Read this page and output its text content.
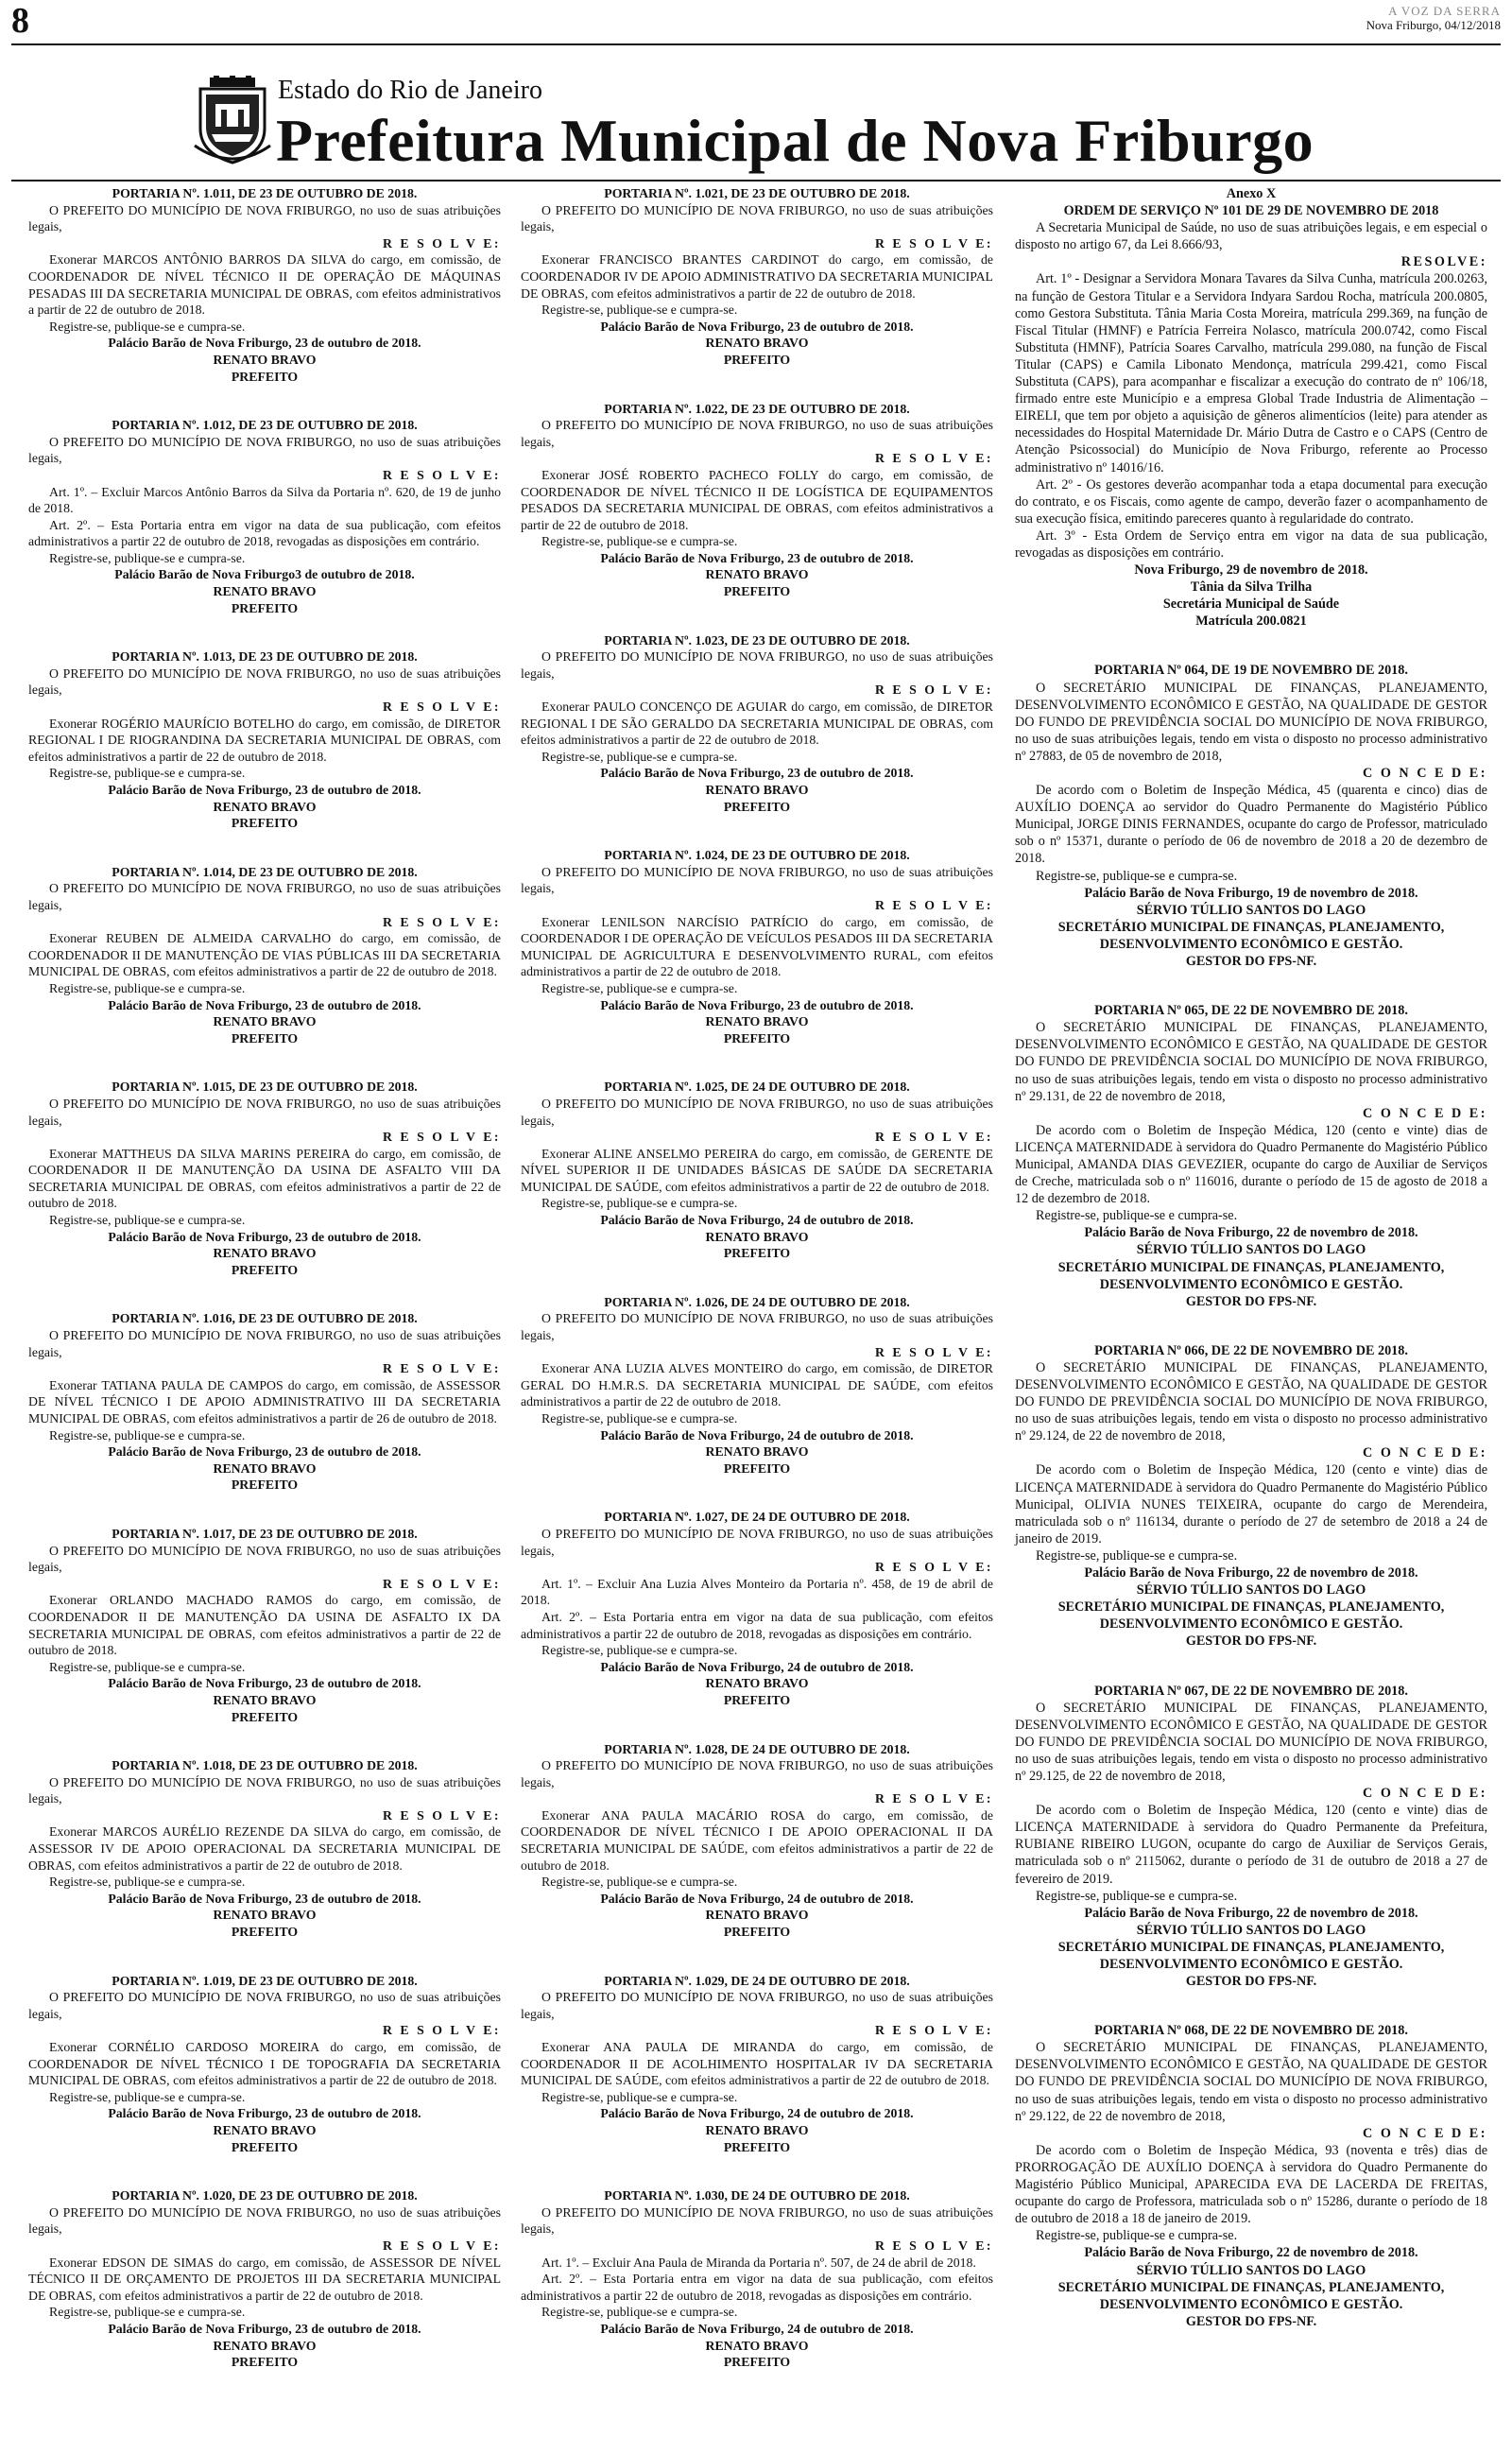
8	A VOZ DA SERRA
Nova Friburgo, 04/12/2018
Estado do Rio de Janeiro
Prefeitura Municipal de Nova Friburgo
PORTARIA Nº. 1.011, DE 23 DE OUTUBRO DE 2018.
O PREFEITO DO MUNICÍPIO DE NOVA FRIBURGO, no uso de suas atribuições legais,
R E S O L V E:
Exonerar MARCOS ANTÔNIO BARROS DA SILVA do cargo, em comissão, de COORDENADOR DE NÍVEL TÉCNICO II DE OPERAÇÃO DE MÁQUINAS PESADAS III DA SECRETARIA MUNICIPAL DE OBRAS, com efeitos administrativos a partir de 22 de outubro de 2018.
Registre-se, publique-se e cumpra-se.
Palácio Barão de Nova Friburgo, 23 de outubro de 2018.
RENATO BRAVO
PREFEITO
PORTARIA Nº. 1.012, DE 23 DE OUTUBRO DE 2018.
O PREFEITO DO MUNICÍPIO DE NOVA FRIBURGO, no uso de suas atribuições legais,
R E S O L V E:
Art. 1º. – Excluir Marcos Antônio Barros da Silva da Portaria nº. 620, de 19 de junho de 2018.
Art. 2º. – Esta Portaria entra em vigor na data de sua publicação, com efeitos administrativos a partir 22 de outubro de 2018, revogadas as disposições em contrário.
Registre-se, publique-se e cumpra-se.
Palácio Barão de Nova Friburgo3 de outubro de 2018.
RENATO BRAVO
PREFEITO
PORTARIA Nº. 1.013, DE 23 DE OUTUBRO DE 2018.
O PREFEITO DO MUNICÍPIO DE NOVA FRIBURGO, no uso de suas atribuições legais,
R E S O L V E:
Exonerar ROGÉRIO MAURÍCIO BOTELHO do cargo, em comissão, de DIRETOR REGIONAL I DE RIOGRANDINA DA SECRETARIA MUNICIPAL DE OBRAS, com efeitos administrativos a partir de 22 de outubro de 2018.
Registre-se, publique-se e cumpra-se.
Palácio Barão de Nova Friburgo, 23 de outubro de 2018.
RENATO BRAVO
PREFEITO
PORTARIA Nº. 1.014, DE 23 DE OUTUBRO DE 2018.
O PREFEITO DO MUNICÍPIO DE NOVA FRIBURGO, no uso de suas atribuições legais,
R E S O L V E:
Exonerar REUBEN DE ALMEIDA CARVALHO do cargo, em comissão, de COORDENADOR II DE MANUTENÇÃO DE VIAS PÚBLICAS III DA SECRETARIA MUNICIPAL DE OBRAS, com efeitos administrativos a partir de 22 de outubro de 2018.
Registre-se, publique-se e cumpra-se.
Palácio Barão de Nova Friburgo, 23 de outubro de 2018.
RENATO BRAVO
PREFEITO
PORTARIA Nº. 1.015, DE 23 DE OUTUBRO DE 2018.
O PREFEITO DO MUNICÍPIO DE NOVA FRIBURGO, no uso de suas atribuições legais,
R E S O L V E:
Exonerar MATTHEUS DA SILVA MARINS PEREIRA do cargo, em comissão, de COORDENADOR II DE MANUTENÇÃO DA USINA DE ASFALTO VIII DA SECRETARIA MUNICIPAL DE OBRAS, com efeitos administrativos a partir de 22 de outubro de 2018.
Registre-se, publique-se e cumpra-se.
Palácio Barão de Nova Friburgo, 23 de outubro de 2018.
RENATO BRAVO
PREFEITO
PORTARIA Nº. 1.016, DE 23 DE OUTUBRO DE 2018.
O PREFEITO DO MUNICÍPIO DE NOVA FRIBURGO, no uso de suas atribuições legais,
R E S O L V E:
Exonerar TATIANA PAULA DE CAMPOS do cargo, em comissão, de ASSESSOR DE NÍVEL TÉCNICO I DE APOIO ADMINISTRATIVO III DA SECRETARIA MUNICIPAL DE OBRAS, com efeitos administrativos a partir de 26 de outubro de 2018.
Registre-se, publique-se e cumpra-se.
Palácio Barão de Nova Friburgo, 23 de outubro de 2018.
RENATO BRAVO
PREFEITO
PORTARIA Nº. 1.017, DE 23 DE OUTUBRO DE 2018.
O PREFEITO DO MUNICÍPIO DE NOVA FRIBURGO, no uso de suas atribuições legais,
R E S O L V E:
Exonerar ORLANDO MACHADO RAMOS do cargo, em comissão, de COORDENADOR II DE MANUTENÇÃO DA USINA DE ASFALTO IX DA SECRETARIA MUNICIPAL DE OBRAS, com efeitos administrativos a partir de 22 de outubro de 2018.
Registre-se, publique-se e cumpra-se.
Palácio Barão de Nova Friburgo, 23 de outubro de 2018.
RENATO BRAVO
PREFEITO
PORTARIA Nº. 1.018, DE 23 DE OUTUBRO DE 2018.
O PREFEITO DO MUNICÍPIO DE NOVA FRIBURGO, no uso de suas atribuições legais,
R E S O L V E:
Exonerar MARCOS AURÉLIO REZENDE DA SILVA do cargo, em comissão, de ASSESSOR IV DE APOIO OPERACIONAL DA SECRETARIA MUNICIPAL DE OBRAS, com efeitos administrativos a partir de 22 de outubro de 2018.
Registre-se, publique-se e cumpra-se.
Palácio Barão de Nova Friburgo, 23 de outubro de 2018.
RENATO BRAVO
PREFEITO
PORTARIA Nº. 1.019, DE 23 DE OUTUBRO DE 2018.
O PREFEITO DO MUNICÍPIO DE NOVA FRIBURGO, no uso de suas atribuições legais,
R E S O L V E:
Exonerar CORNÉLIO CARDOSO MOREIRA do cargo, em comissão, de COORDENADOR DE NÍVEL TÉCNICO I DE TOPOGRAFIA DA SECRETARIA MUNICIPAL DE OBRAS, com efeitos administrativos a partir de 22 de outubro de 2018.
Registre-se, publique-se e cumpra-se.
Palácio Barão de Nova Friburgo, 23 de outubro de 2018.
RENATO BRAVO
PREFEITO
PORTARIA Nº. 1.020, DE 23 DE OUTUBRO DE 2018.
O PREFEITO DO MUNICÍPIO DE NOVA FRIBURGO, no uso de suas atribuições legais,
R E S O L V E:
Exonerar EDSON DE SIMAS do cargo, em comissão, de ASSESSOR DE NÍVEL TÉCNICO II DE ORÇAMENTO DE PROJETOS III DA SECRETARIA MUNICIPAL DE OBRAS, com efeitos administrativos a partir de 22 de outubro de 2018.
Registre-se, publique-se e cumpra-se.
Palácio Barão de Nova Friburgo, 23 de outubro de 2018.
RENATO BRAVO
PREFEITO
PORTARIA Nº. 1.021, DE 23 DE OUTUBRO DE 2018.
O PREFEITO DO MUNICÍPIO DE NOVA FRIBURGO, no uso de suas atribuições legais,
R E S O L V E:
Exonerar FRANCISCO BRANTES CARDINOT do cargo, em comissão, de COORDENADOR IV DE APOIO ADMINISTRATIVO DA SECRETARIA MUNICIPAL DE OBRAS, com efeitos administrativos a partir de 22 de outubro de 2018.
Registre-se, publique-se e cumpra-se.
Palácio Barão de Nova Friburgo, 23 de outubro de 2018.
RENATO BRAVO
PREFEITO
PORTARIA Nº. 1.022, DE 23 DE OUTUBRO DE 2018.
O PREFEITO DO MUNICÍPIO DE NOVA FRIBURGO, no uso de suas atribuições legais,
R E S O L V E:
Exonerar JOSÉ ROBERTO PACHECO FOLLY do cargo, em comissão, de COORDENADOR DE NÍVEL TÉCNICO II DE LOGÍSTICA DE EQUIPAMENTOS PESADOS DA SECRETARIA MUNICIPAL DE OBRAS, com efeitos administrativos a partir de 22 de outubro de 2018.
Registre-se, publique-se e cumpra-se.
Palácio Barão de Nova Friburgo, 23 de outubro de 2018.
RENATO BRAVO
PREFEITO
PORTARIA Nº. 1.023, DE 23 DE OUTUBRO DE 2018.
O PREFEITO DO MUNICÍPIO DE NOVA FRIBURGO, no uso de suas atribuições legais,
R E S O L V E:
Exonerar PAULO CONCENÇO DE AGUIAR do cargo, em comissão, de DIRETOR REGIONAL I DE SÃO GERALDO DA SECRETARIA MUNICIPAL DE OBRAS, com efeitos administrativos a partir de 22 de outubro de 2018.
Registre-se, publique-se e cumpra-se.
Palácio Barão de Nova Friburgo, 23 de outubro de 2018.
RENATO BRAVO
PREFEITO
PORTARIA Nº. 1.024, DE 23 DE OUTUBRO DE 2018.
O PREFEITO DO MUNICÍPIO DE NOVA FRIBURGO, no uso de suas atribuições legais,
R E S O L V E:
Exonerar LENILSON NARCÍSIO PATRÍCIO do cargo, em comissão, de COORDENADOR I DE OPERAÇÃO DE VEÍCULOS PESADOS III DA SECRETARIA MUNICIPAL DE AGRICULTURA E DESENVOLVIMENTO RURAL, com efeitos administrativos a partir de 22 de outubro de 2018.
Registre-se, publique-se e cumpra-se.
Palácio Barão de Nova Friburgo, 23 de outubro de 2018.
RENATO BRAVO
PREFEITO
PORTARIA Nº. 1.025, DE 24 DE OUTUBRO DE 2018.
O PREFEITO DO MUNICÍPIO DE NOVA FRIBURGO, no uso de suas atribuições legais,
R E S O L V E:
Exonerar ALINE ANSELMO PEREIRA do cargo, em comissão, de GERENTE DE NÍVEL SUPERIOR II DE UNIDADES BÁSICAS DE SAÚDE DA SECRETARIA MUNICIPAL DE SAÚDE, com efeitos administrativos a partir de 22 de outubro de 2018.
Registre-se, publique-se e cumpra-se.
Palácio Barão de Nova Friburgo, 24 de outubro de 2018.
RENATO BRAVO
PREFEITO
PORTARIA Nº. 1.026, DE 24 DE OUTUBRO DE 2018.
O PREFEITO DO MUNICÍPIO DE NOVA FRIBURGO, no uso de suas atribuições legais,
R E S O L V E:
Exonerar ANA LUZIA ALVES MONTEIRO do cargo, em comissão, de DIRETOR GERAL DO H.M.R.S. DA SECRETARIA MUNICIPAL DE SAÚDE, com efeitos administrativos a partir de 22 de outubro de 2018.
Registre-se, publique-se e cumpra-se.
Palácio Barão de Nova Friburgo, 24 de outubro de 2018.
RENATO BRAVO
PREFEITO
PORTARIA Nº. 1.027, DE 24 DE OUTUBRO DE 2018.
O PREFEITO DO MUNICÍPIO DE NOVA FRIBURGO, no uso de suas atribuições legais,
R E S O L V E:
Art. 1º. – Excluir Ana Luzia Alves Monteiro da Portaria nº. 458, de 19 de abril de 2018.
Art. 2º. – Esta Portaria entra em vigor na data de sua publicação, com efeitos administrativos a partir 22 de outubro de 2018, revogadas as disposições em contrário.
Registre-se, publique-se e cumpra-se.
Palácio Barão de Nova Friburgo, 24 de outubro de 2018.
RENATO BRAVO
PREFEITO
PORTARIA Nº. 1.028, DE 24 DE OUTUBRO DE 2018.
O PREFEITO DO MUNICÍPIO DE NOVA FRIBURGO, no uso de suas atribuições legais,
R E S O L V E:
Exonerar ANA PAULA MACÁRIO ROSA do cargo, em comissão, de COORDENADOR DE NÍVEL TÉCNICO I DE APOIO OPERACIONAL II DA SECRETARIA MUNICIPAL DE SAÚDE, com efeitos administrativos a partir de 22 de outubro de 2018.
Registre-se, publique-se e cumpra-se.
Palácio Barão de Nova Friburgo, 24 de outubro de 2018.
RENATO BRAVO
PREFEITO
PORTARIA Nº. 1.029, DE 24 DE OUTUBRO DE 2018.
O PREFEITO DO MUNICÍPIO DE NOVA FRIBURGO, no uso de suas atribuições legais,
R E S O L V E:
Exonerar ANA PAULA DE MIRANDA do cargo, em comissão, de COORDENADOR II DE ACOLHIMENTO HOSPITALAR IV DA SECRETARIA MUNICIPAL DE SAÚDE, com efeitos administrativos a partir de 22 de outubro de 2018.
Registre-se, publique-se e cumpra-se.
Palácio Barão de Nova Friburgo, 24 de outubro de 2018.
RENATO BRAVO
PREFEITO
PORTARIA Nº. 1.030, DE 24 DE OUTUBRO DE 2018.
O PREFEITO DO MUNICÍPIO DE NOVA FRIBURGO, no uso de suas atribuições legais,
R E S O L V E:
Art. 1º. – Excluir Ana Paula de Miranda da Portaria nº. 507, de 24 de abril de 2018.
Art. 2º. – Esta Portaria entra em vigor na data de sua publicação, com efeitos administrativos a partir 22 de outubro de 2018, revogadas as disposições em contrário.
Registre-se, publique-se e cumpra-se.
Palácio Barão de Nova Friburgo, 24 de outubro de 2018.
RENATO BRAVO
PREFEITO
Anexo X
ORDEM DE SERVIÇO Nº 101 DE 29 DE NOVEMBRO DE 2018
A Secretaria Municipal de Saúde, no uso de suas atribuições legais, e em especial o disposto no artigo 67, da Lei 8.666/93,
RESOLVE:
Art. 1º - Designar a Servidora Monara Tavares da Silva Cunha, matrícula 200.0263, na função de Gestora Titular e a Servidora Indyara Sardou Rocha, matrícula 200.0805, como Gestora Substituta. Tânia Maria Costa Moreira, matrícula 299.369, na função de Fiscal Titular (HMNF) e Patrícia Ferreira Nolasco, matrícula 200.0742, como Fiscal Substituta (HMNF), Patrícia Soares Carvalho, matrícula 299.080, na função de Fiscal Titular (CAPS) e Camila Libonato Mendonça, matrícula 299.421, como Fiscal Substituta (CAPS), para acompanhar e fiscalizar a execução do contrato de nº 106/18, firmado entre este Município e a empresa Global Trade Industria de Alimentação – EIRELI, que tem por objeto a aquisição de gêneros alimentícios (leite) para atender as necessidades do Hospital Maternidade Dr. Mário Dutra de Castro e o CAPS (Centro de Atenção Psicossocial) do Município de Nova Friburgo, referente ao Processo administrativo nº 14016/16.
Art. 2º - Os gestores deverão acompanhar toda a etapa documental para execução do contrato, e os Fiscais, como agente de campo, deverão fazer o acompanhamento de sua execução física, emitindo pareceres quanto à regularidade do contrato.
Art. 3º - Esta Ordem de Serviço entra em vigor na data de sua publicação, revogadas as disposições em contrário.
Nova Friburgo, 29 de novembro de 2018.
Tânia da Silva Trilha
Secretária Municipal de Saúde
Matrícula 200.0821
PORTARIA Nº 064, DE 19 DE NOVEMBRO DE 2018.
O SECRETÁRIO MUNICIPAL DE FINANÇAS, PLANEJAMENTO, DESENVOLVIMENTO ECONÔMICO E GESTÃO, NA QUALIDADE DE GESTOR DO FUNDO DE PREVIDÊNCIA SOCIAL DO MUNICÍPIO DE NOVA FRIBURGO, no uso de suas atribuições legais, tendo em vista o disposto no processo administrativo nº 27883, de 05 de novembro de 2018,
C O N C E D E:
De acordo com o Boletim de Inspeção Médica, 45 (quarenta e cinco) dias de AUXÍLIO DOENÇA ao servidor do Quadro Permanente do Magistério Público Municipal, JORGE DINIS FERNANDES, ocupante do cargo de Professor, matriculado sob o nº 15371, durante o período de 06 de novembro de 2018 a 20 de dezembro de 2018.
Registre-se, publique-se e cumpra-se.
Palácio Barão de Nova Friburgo, 19 de novembro de 2018.
SÉRVIO TÚLLIO SANTOS DO LAGO
SECRETÁRIO MUNICIPAL DE FINANÇAS, PLANEJAMENTO, DESENVOLVIMENTO ECONÔMICO E GESTÃO.
GESTOR DO FPS-NF.
PORTARIA Nº 065, DE 22 DE NOVEMBRO DE 2018.
O SECRETÁRIO MUNICIPAL DE FINANÇAS, PLANEJAMENTO, DESENVOLVIMENTO ECONÔMICO E GESTÃO, NA QUALIDADE DE GESTOR DO FUNDO DE PREVIDÊNCIA SOCIAL DO MUNICÍPIO DE NOVA FRIBURGO, no uso de suas atribuições legais, tendo em vista o disposto no processo administrativo nº 29.131, de 22 de novembro de 2018,
C O N C E D E:
De acordo com o Boletim de Inspeção Médica, 120 (cento e vinte) dias de LICENÇA MATERNIDADE à servidora do Quadro Permanente do Magistério Público Municipal, AMANDA DIAS GEVEZIER, ocupante do cargo de Auxiliar de Serviços de Creche, matriculada sob o nº 116016, durante o período de 15 de agosto de 2018 a 12 de dezembro de 2018.
Registre-se, publique-se e cumpra-se.
Palácio Barão de Nova Friburgo, 22 de novembro de 2018.
SÉRVIO TÚLLIO SANTOS DO LAGO
SECRETÁRIO MUNICIPAL DE FINANÇAS, PLANEJAMENTO, DESENVOLVIMENTO ECONÔMICO E GESTÃO.
GESTOR DO FPS-NF.
PORTARIA Nº 066, DE 22 DE NOVEMBRO DE 2018.
O SECRETÁRIO MUNICIPAL DE FINANÇAS, PLANEJAMENTO, DESENVOLVIMENTO ECONÔMICO E GESTÃO, NA QUALIDADE DE GESTOR DO FUNDO DE PREVIDÊNCIA SOCIAL DO MUNICÍPIO DE NOVA FRIBURGO, no uso de suas atribuições legais, tendo em vista o disposto no processo administrativo nº 29.124, de 22 de novembro de 2018,
C O N C E D E:
De acordo com o Boletim de Inspeção Médica, 120 (cento e vinte) dias de LICENÇA MATERNIDADE à servidora do Quadro Permanente do Magistério Público Municipal, OLIVIA NUNES TEIXEIRA, ocupante do cargo de Merendeira, matriculada sob o nº 116134, durante o período de 27 de setembro de 2018 a 24 de janeiro de 2019.
Registre-se, publique-se e cumpra-se.
Palácio Barão de Nova Friburgo, 22 de novembro de 2018.
SÉRVIO TÚLLIO SANTOS DO LAGO
SECRETÁRIO MUNICIPAL DE FINANÇAS, PLANEJAMENTO, DESENVOLVIMENTO ECONÔMICO E GESTÃO.
GESTOR DO FPS-NF.
PORTARIA Nº 067, DE 22 DE NOVEMBRO DE 2018.
O SECRETÁRIO MUNICIPAL DE FINANÇAS, PLANEJAMENTO, DESENVOLVIMENTO ECONÔMICO E GESTÃO, NA QUALIDADE DE GESTOR DO FUNDO DE PREVIDÊNCIA SOCIAL DO MUNICÍPIO DE NOVA FRIBURGO, no uso de suas atribuições legais, tendo em vista o disposto no processo administrativo nº 29.125, de 22 de novembro de 2018,
C O N C E D E:
De acordo com o Boletim de Inspeção Médica, 120 (cento e vinte) dias de LICENÇA MATERNIDADE à servidora do Quadro Permanente da Prefeitura, RUBIANE RIBEIRO LUGON, ocupante do cargo de Auxiliar de Serviços Gerais, matriculada sob o nº 2115062, durante o período de 31 de outubro de 2018 a 27 de fevereiro de 2019.
Registre-se, publique-se e cumpra-se.
Palácio Barão de Nova Friburgo, 22 de novembro de 2018.
SÉRVIO TÚLLIO SANTOS DO LAGO
SECRETÁRIO MUNICIPAL DE FINANÇAS, PLANEJAMENTO, DESENVOLVIMENTO ECONÔMICO E GESTÃO.
GESTOR DO FPS-NF.
PORTARIA Nº 068, DE 22 DE NOVEMBRO DE 2018.
O SECRETÁRIO MUNICIPAL DE FINANÇAS, PLANEJAMENTO, DESENVOLVIMENTO ECONÔMICO E GESTÃO, NA QUALIDADE DE GESTOR DO FUNDO DE PREVIDÊNCIA SOCIAL DO MUNICÍPIO DE NOVA FRIBURGO, no uso de suas atribuições legais, tendo em vista o disposto no processo administrativo nº 29.122, de 22 de novembro de 2018,
C O N C E D E:
De acordo com o Boletim de Inspeção Médica, 93 (noventa e três) dias de PRORROGAÇÃO DE AUXÍLIO DOENÇA à servidora do Quadro Permanente do Magistério Público Municipal, APARECIDA EVA DE LACERDA DE FREITAS, ocupante do cargo de Professora, matriculada sob o nº 15286, durante o período de 18 de outubro de 2018 a 18 de janeiro de 2019.
Registre-se, publique-se e cumpra-se.
Palácio Barão de Nova Friburgo, 22 de novembro de 2018.
SÉRVIO TÚLLIO SANTOS DO LAGO
SECRETÁRIO MUNICIPAL DE FINANÇAS, PLANEJAMENTO, DESENVOLVIMENTO ECONÔMICO E GESTÃO.
GESTOR DO FPS-NF.
